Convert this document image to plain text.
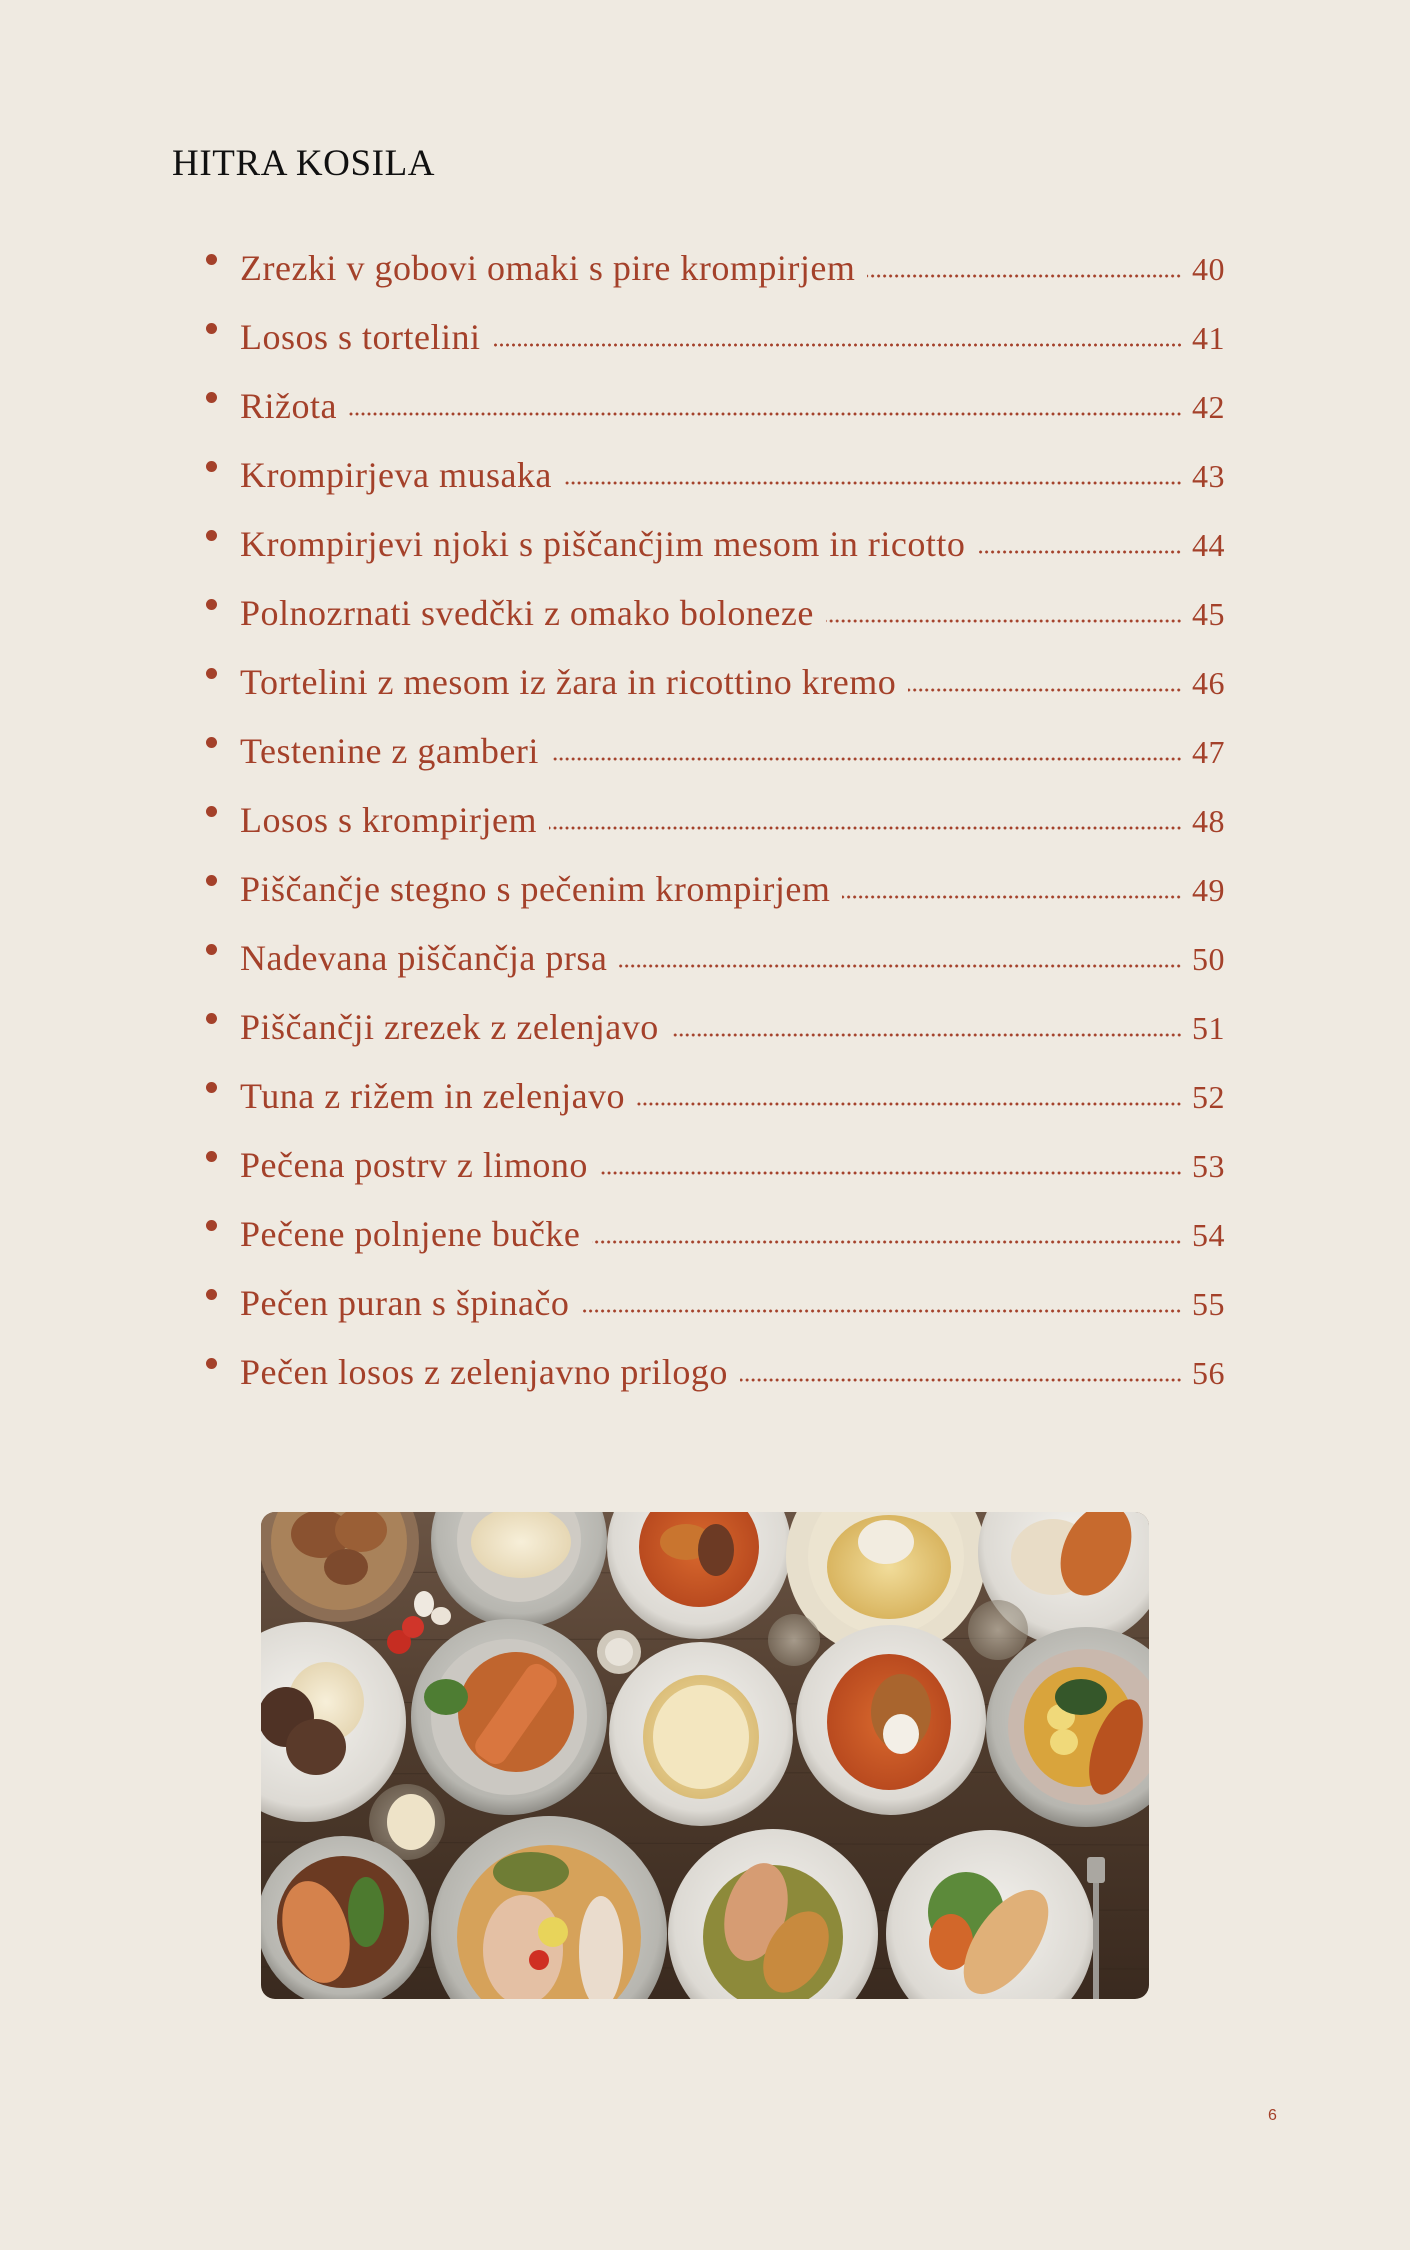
HITRA KOSILA
Zrezki v gobovi omaki s pire krompirjem	40
Losos s tortelini	41
Rižota	42
Krompirjeva musaka	43
Krompirjevi njoki s piščančjim mesom in ricotto	44
Polnozrnati svedčki z omako boloneze	45
Tortelini z mesom iz žara in ricottino kremo	46
Testenine z gamberi	47
Losos s krompirjem	48
Piščančje stegno s pečenim krompirjem	49
Nadevana piščančja prsa	50
Piščančji zrezek z zelenjavo	51
Tuna z rižem in zelenjavo	52
Pečena postrv z limono	53
Pečene polnjene bučke	54
Pečen puran s špinačo	55
Pečen losos z zelenjavno prilogo	56
6
